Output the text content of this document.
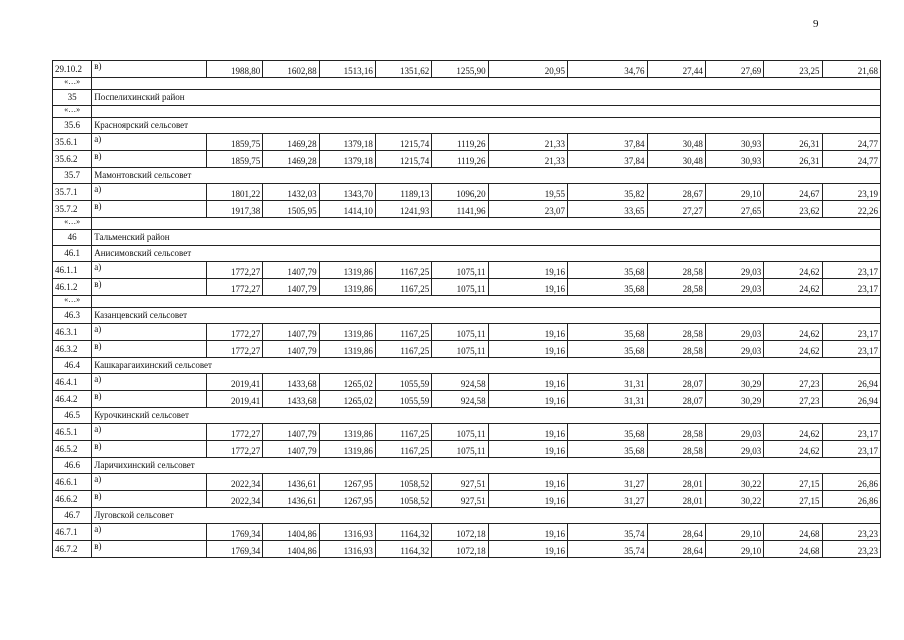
9
29.10.2	в)	1988,80	1602,88	1513,16	1351,62	1255,90	20,95	34,76	27,44	27,69	23,25	21,68
«…»												
35	Поспелихинский район											
«…»												
35.6	Красноярский сельсовет											
35.6.1	а)	1859,75	1469,28	1379,18	1215,74	1119,26	21,33	37,84	30,48	30,93	26,31	24,77
35.6.2	в)	1859,75	1469,28	1379,18	1215,74	1119,26	21,33	37,84	30,48	30,93	26,31	24,77
35.7	Мамонтовский сельсовет											
35.7.1	а)	1801,22	1432,03	1343,70	1189,13	1096,20	19,55	35,82	28,67	29,10	24,67	23,19
35.7.2	в)	1917,38	1505,95	1414,10	1241,93	1141,96	23,07	33,65	27,27	27,65	23,62	22,26
«…»												
46	Тальменский район											
46.1	Анисимовский сельсовет											
46.1.1	а)	1772,27	1407,79	1319,86	1167,25	1075,11	19,16	35,68	28,58	29,03	24,62	23,17
46.1.2	в)	1772,27	1407,79	1319,86	1167,25	1075,11	19,16	35,68	28,58	29,03	24,62	23,17
«…»												
46.3	Казанцевский сельсовет											
46.3.1	а)	1772,27	1407,79	1319,86	1167,25	1075,11	19,16	35,68	28,58	29,03	24,62	23,17
46.3.2	в)	1772,27	1407,79	1319,86	1167,25	1075,11	19,16	35,68	28,58	29,03	24,62	23,17
46.4	Кашкарагаихинский сельсовет											
46.4.1	а)	2019,41	1433,68	1265,02	1055,59	924,58	19,16	31,31	28,07	30,29	27,23	26,94
46.4.2	в)	2019,41	1433,68	1265,02	1055,59	924,58	19,16	31,31	28,07	30,29	27,23	26,94
46.5	Курочкинский сельсовет											
46.5.1	а)	1772,27	1407,79	1319,86	1167,25	1075,11	19,16	35,68	28,58	29,03	24,62	23,17
46.5.2	в)	1772,27	1407,79	1319,86	1167,25	1075,11	19,16	35,68	28,58	29,03	24,62	23,17
46.6	Ларичихинский сельсовет											
46.6.1	а)	2022,34	1436,61	1267,95	1058,52	927,51	19,16	31,27	28,01	30,22	27,15	26,86
46.6.2	в)	2022,34	1436,61	1267,95	1058,52	927,51	19,16	31,27	28,01	30,22	27,15	26,86
46.7	Луговской сельсовет											
46.7.1	а)	1769,34	1404,86	1316,93	1164,32	1072,18	19,16	35,74	28,64	29,10	24,68	23,23
46.7.2	в)	1769,34	1404,86	1316,93	1164,32	1072,18	19,16	35,74	28,64	29,10	24,68	23,23
